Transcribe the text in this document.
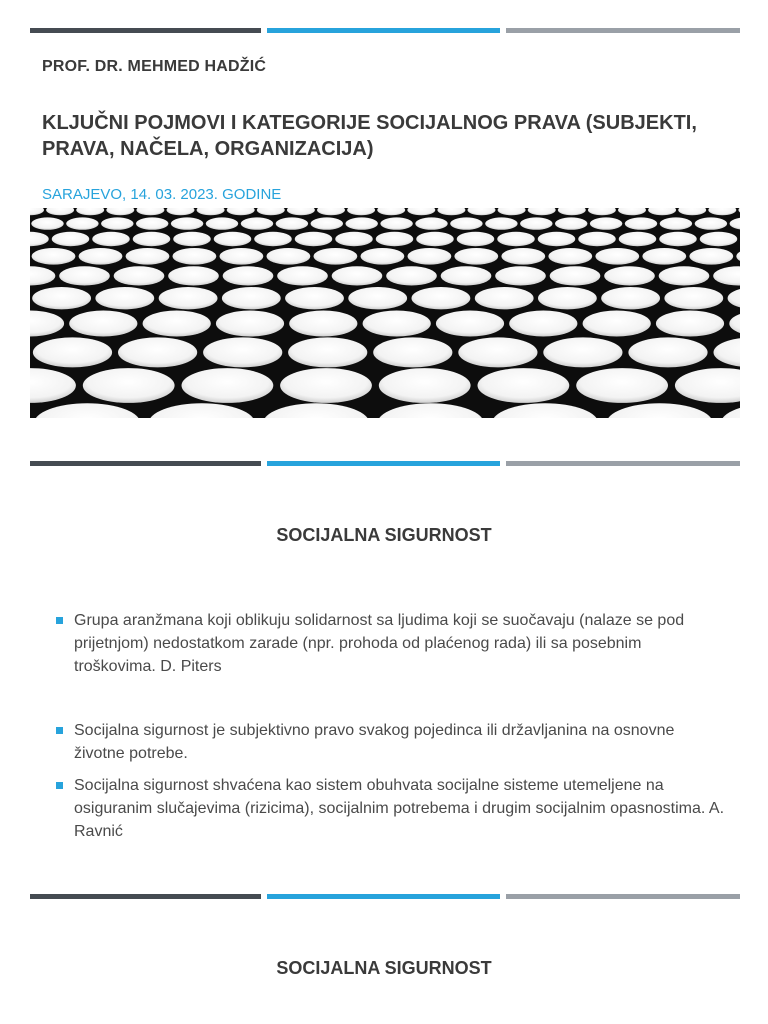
PROF. DR. MEHMED HADŽIĆ
KLJUČNI POJMOVI I KATEGORIJE SOCIJALNOG PRAVA (SUBJEKTI, PRAVA, NAČELA, ORGANIZACIJA)
SARAJEVO, 14. 03. 2023. GODINE
SOCIJALNA SIGURNOST
Grupa aranžmana koji oblikuju solidarnost sa ljudima koji se suočavaju (nalaze se pod prijetnjom) nedostatkom zarade (npr. prohoda od plaćenog rada) ili sa posebnim troškovima. D. Piters
Socijalna sigurnost je subjektivno pravo svakog pojedinca ili državljanina na osnovne životne potrebe.
Socijalna sigurnost shvaćena kao sistem obuhvata socijalne sisteme utemeljene na osiguranim slučajevima (rizicima), socijalnim potrebema i drugim socijalnim opasnostima. A. Ravnić
SOCIJALNA SIGURNOST
